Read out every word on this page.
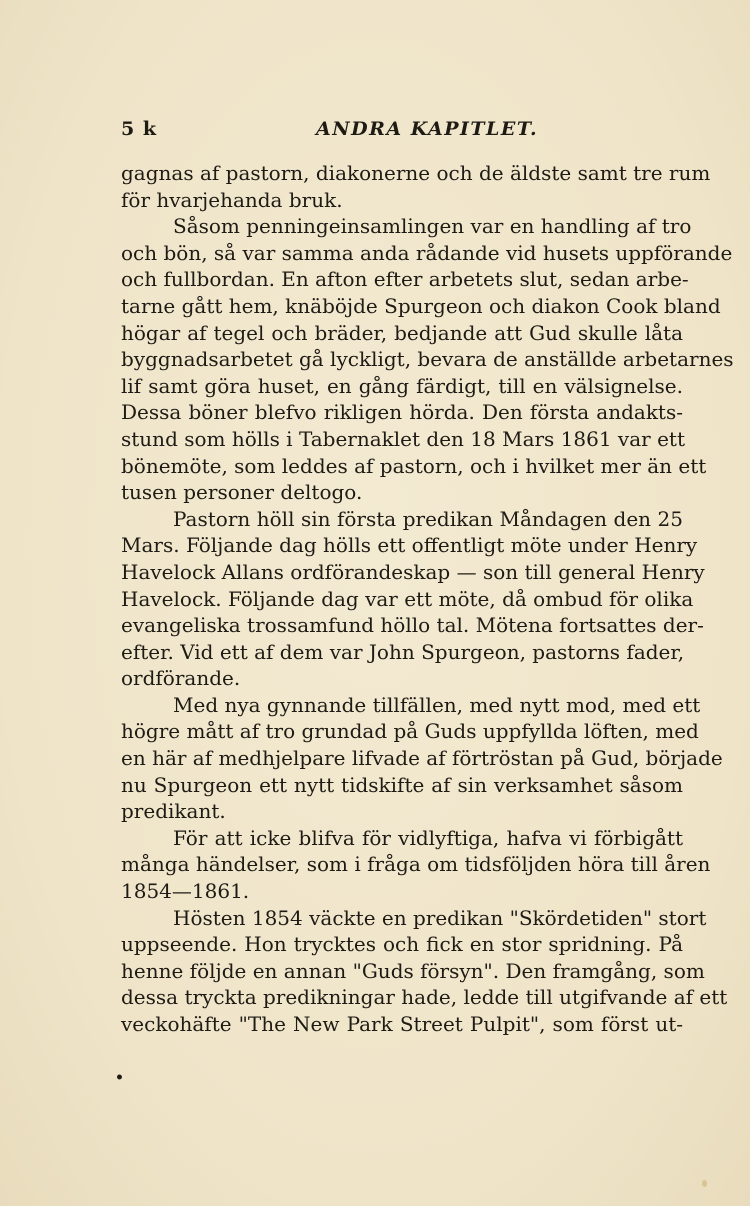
5 k	ANDRA KAPITLET.
gagnas af pastorn, diakonerne och de äldste samt tre rum
för hvarjehanda bruk.
Såsom penningeinsamlingen var en handling af tro
och bön, så var samma anda rådande vid husets uppförande
och fullbordan. En afton efter arbetets slut, sedan arbe-
tarne gått hem, knäböjde Spurgeon och diakon Cook bland
högar af tegel och bräder, bedjande att Gud skulle låta
byggnadsarbetet gå lyckligt, bevara de anställde arbetarnes
lif samt göra huset, en gång färdigt, till en välsignelse.
Dessa böner blefvo rikligen hörda. Den första andakts-
stund som hölls i Tabernaklet den 18 Mars 1861 var ett
bönemöte, som leddes af pastorn, och i hvilket mer än ett
tusen personer deltogo.
Pastorn höll sin första predikan Måndagen den 25
Mars. Följande dag hölls ett offentligt möte under Henry
Havelock Allans ordförandeskap — son till general Henry
Havelock. Följande dag var ett möte, då ombud för olika
evangeliska trossamfund höllo tal. Mötena fortsattes der-
efter. Vid ett af dem var John Spurgeon, pastorns fader,
ordförande.
Med nya gynnande tillfällen, med nytt mod, med ett
högre mått af tro grundad på Guds uppfyllda löften, med
en här af medhjelpare lifvade af förtröstan på Gud, började
nu Spurgeon ett nytt tidskifte af sin verksamhet såsom
predikant.
För att icke blifva för vidlyftiga, hafva vi förbigått
många händelser, som i fråga om tidsföljden höra till åren
1854—1861.
Hösten 1854 väckte en predikan "Skördetiden" stort
uppseende. Hon trycktes och fick en stor spridning. På
henne följde en annan "Guds försyn". Den framgång, som
dessa tryckta predikningar hade, ledde till utgifvande af ett
veckohäfte "The New Park Street Pulpit", som först ut-
•
